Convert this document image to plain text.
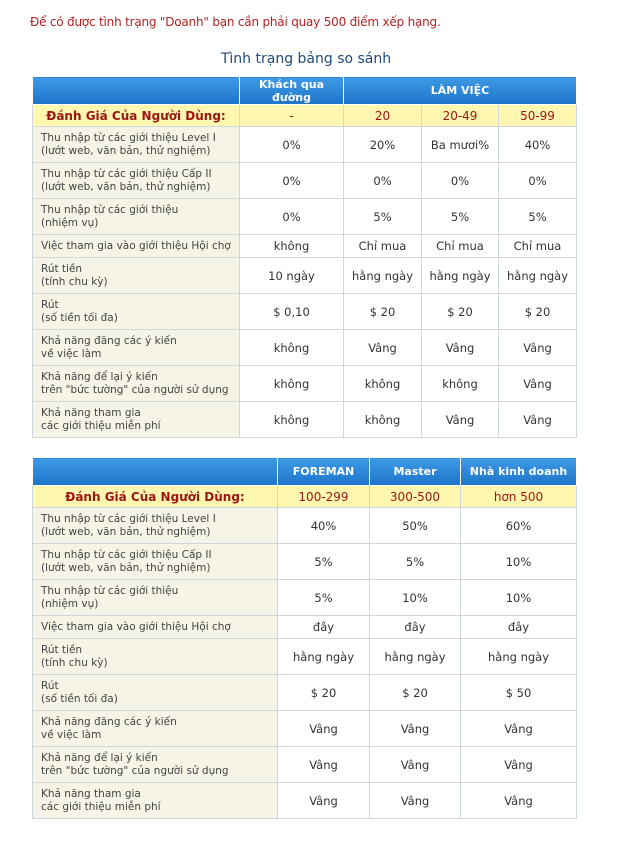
Để có được tình trạng "Doanh" bạn cần phải quay 500 điểm xếp hạng.
Tình trạng bảng so sánh
	Khách qua đường	LÀM VIỆC		
Đánh Giá Của Người Dùng:	-	20	20-49	50-99
Thu nhập từ các giới thiệu Level I
(lướt web, văn bản, thử nghiệm)	0%	20%	Ba mươi%	40%
Thu nhập từ các giới thiệu Cấp II
(lướt web, văn bản, thử nghiệm)	0%	0%	0%	0%
Thu nhập từ các giới thiệu
(nhiệm vụ)	0%	5%	5%	5%
Việc tham gia vào giới thiệu Hội chợ	không	Chỉ mua	Chỉ mua	Chỉ mua
Rút tiền
(tính chu kỳ)	10 ngày	hằng ngày	hằng ngày	hằng ngày
Rút
(số tiền tối đa)	$ 0,10	$ 20	$ 20	$ 20
Khả năng đăng các ý kiến
về việc làm	không	Vâng	Vâng	Vâng
Khả năng để lại ý kiến
trên "bức tường" của người sử dụng	không	không	không	Vâng
Khả năng tham gia
các giới thiệu miễn phí	không	không	Vâng	Vâng
	FOREMAN	Master	Nhà kinh doanh
Đánh Giá Của Người Dùng:	100-299	300-500	hơn 500
Thu nhập từ các giới thiệu Level I
(lướt web, văn bản, thử nghiệm)	40%	50%	60%
Thu nhập từ các giới thiệu Cấp II
(lướt web, văn bản, thử nghiệm)	5%	5%	10%
Thu nhập từ các giới thiệu
(nhiệm vụ)	5%	10%	10%
Việc tham gia vào giới thiệu Hội chợ	đây	đây	đây
Rút tiền
(tính chu kỳ)	hằng ngày	hằng ngày	hằng ngày
Rút
(số tiền tối đa)	$ 20	$ 20	$ 50
Khả năng đăng các ý kiến
về việc làm	Vâng	Vâng	Vâng
Khả năng để lại ý kiến
trên "bức tường" của người sử dụng	Vâng	Vâng	Vâng
Khả năng tham gia
các giới thiệu miễn phí	Vâng	Vâng	Vâng
